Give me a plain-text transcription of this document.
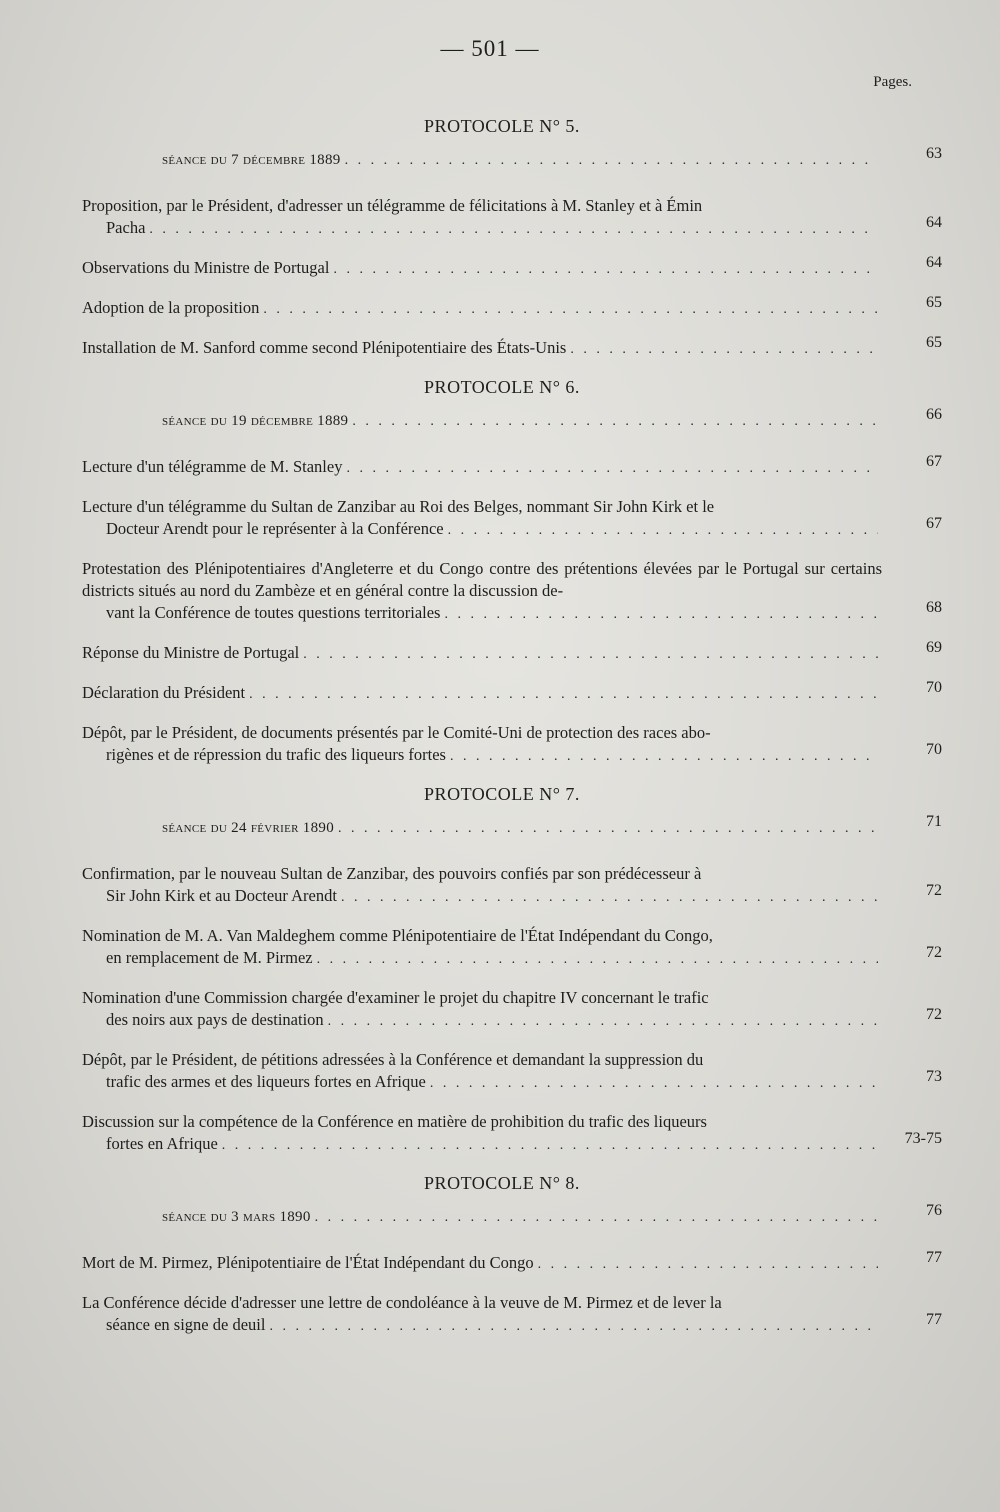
— 501 —
Pages.
PROTOCOLE N° 5.
séance du 7 décembre 1889 . . .	63
Proposition, par le Président, d'adresser un télégramme de félicitations à M. Stanley et à Émin
Pacha . . .	64
Observations du Ministre de Portugal . . .	64
Adoption de la proposition . . .	65
Installation de M. Sanford comme second Plénipotentiaire des États-Unis . . .	65
PROTOCOLE N° 6.
séance du 19 décembre 1889 . . .	66
Lecture d'un télégramme de M. Stanley . . .	67
Lecture d'un télégramme du Sultan de Zanzibar au Roi des Belges, nommant Sir John Kirk et le
Docteur Arendt pour le représenter à la Conférence . . .	67
Protestation des Plénipotentiaires d'Angleterre et du Congo contre des prétentions élevées par le Portugal sur certains districts situés au nord du Zambèze et en général contre la discussion de-
vant la Conférence de toutes questions territoriales . . .	68
Réponse du Ministre de Portugal . . .	69
Déclaration du Président . . .	70
Dépôt, par le Président, de documents présentés par le Comité-Uni de protection des races abo-
rigènes et de répression du trafic des liqueurs fortes . . .	70
PROTOCOLE N° 7.
séance du 24 février 1890 . . .	71
Confirmation, par le nouveau Sultan de Zanzibar, des pouvoirs confiés par son prédécesseur à
Sir John Kirk et au Docteur Arendt . . .	72
Nomination de M. A. Van Maldeghem comme Plénipotentiaire de l'État Indépendant du Congo,
en remplacement de M. Pirmez . . .	72
Nomination d'une Commission chargée d'examiner le projet du chapitre IV concernant le trafic
des noirs aux pays de destination . . .	72
Dépôt, par le Président, de pétitions adressées à la Conférence et demandant la suppression du
trafic des armes et des liqueurs fortes en Afrique . . .	73
Discussion sur la compétence de la Conférence en matière de prohibition du trafic des liqueurs
fortes en Afrique . . .	73-75
PROTOCOLE N° 8.
séance du 3 mars 1890 . . .	76
Mort de M. Pirmez, Plénipotentiaire de l'État Indépendant du Congo . . .	77
La Conférence décide d'adresser une lettre de condoléance à la veuve de M. Pirmez et de lever la
séance en signe de deuil . . .	77
